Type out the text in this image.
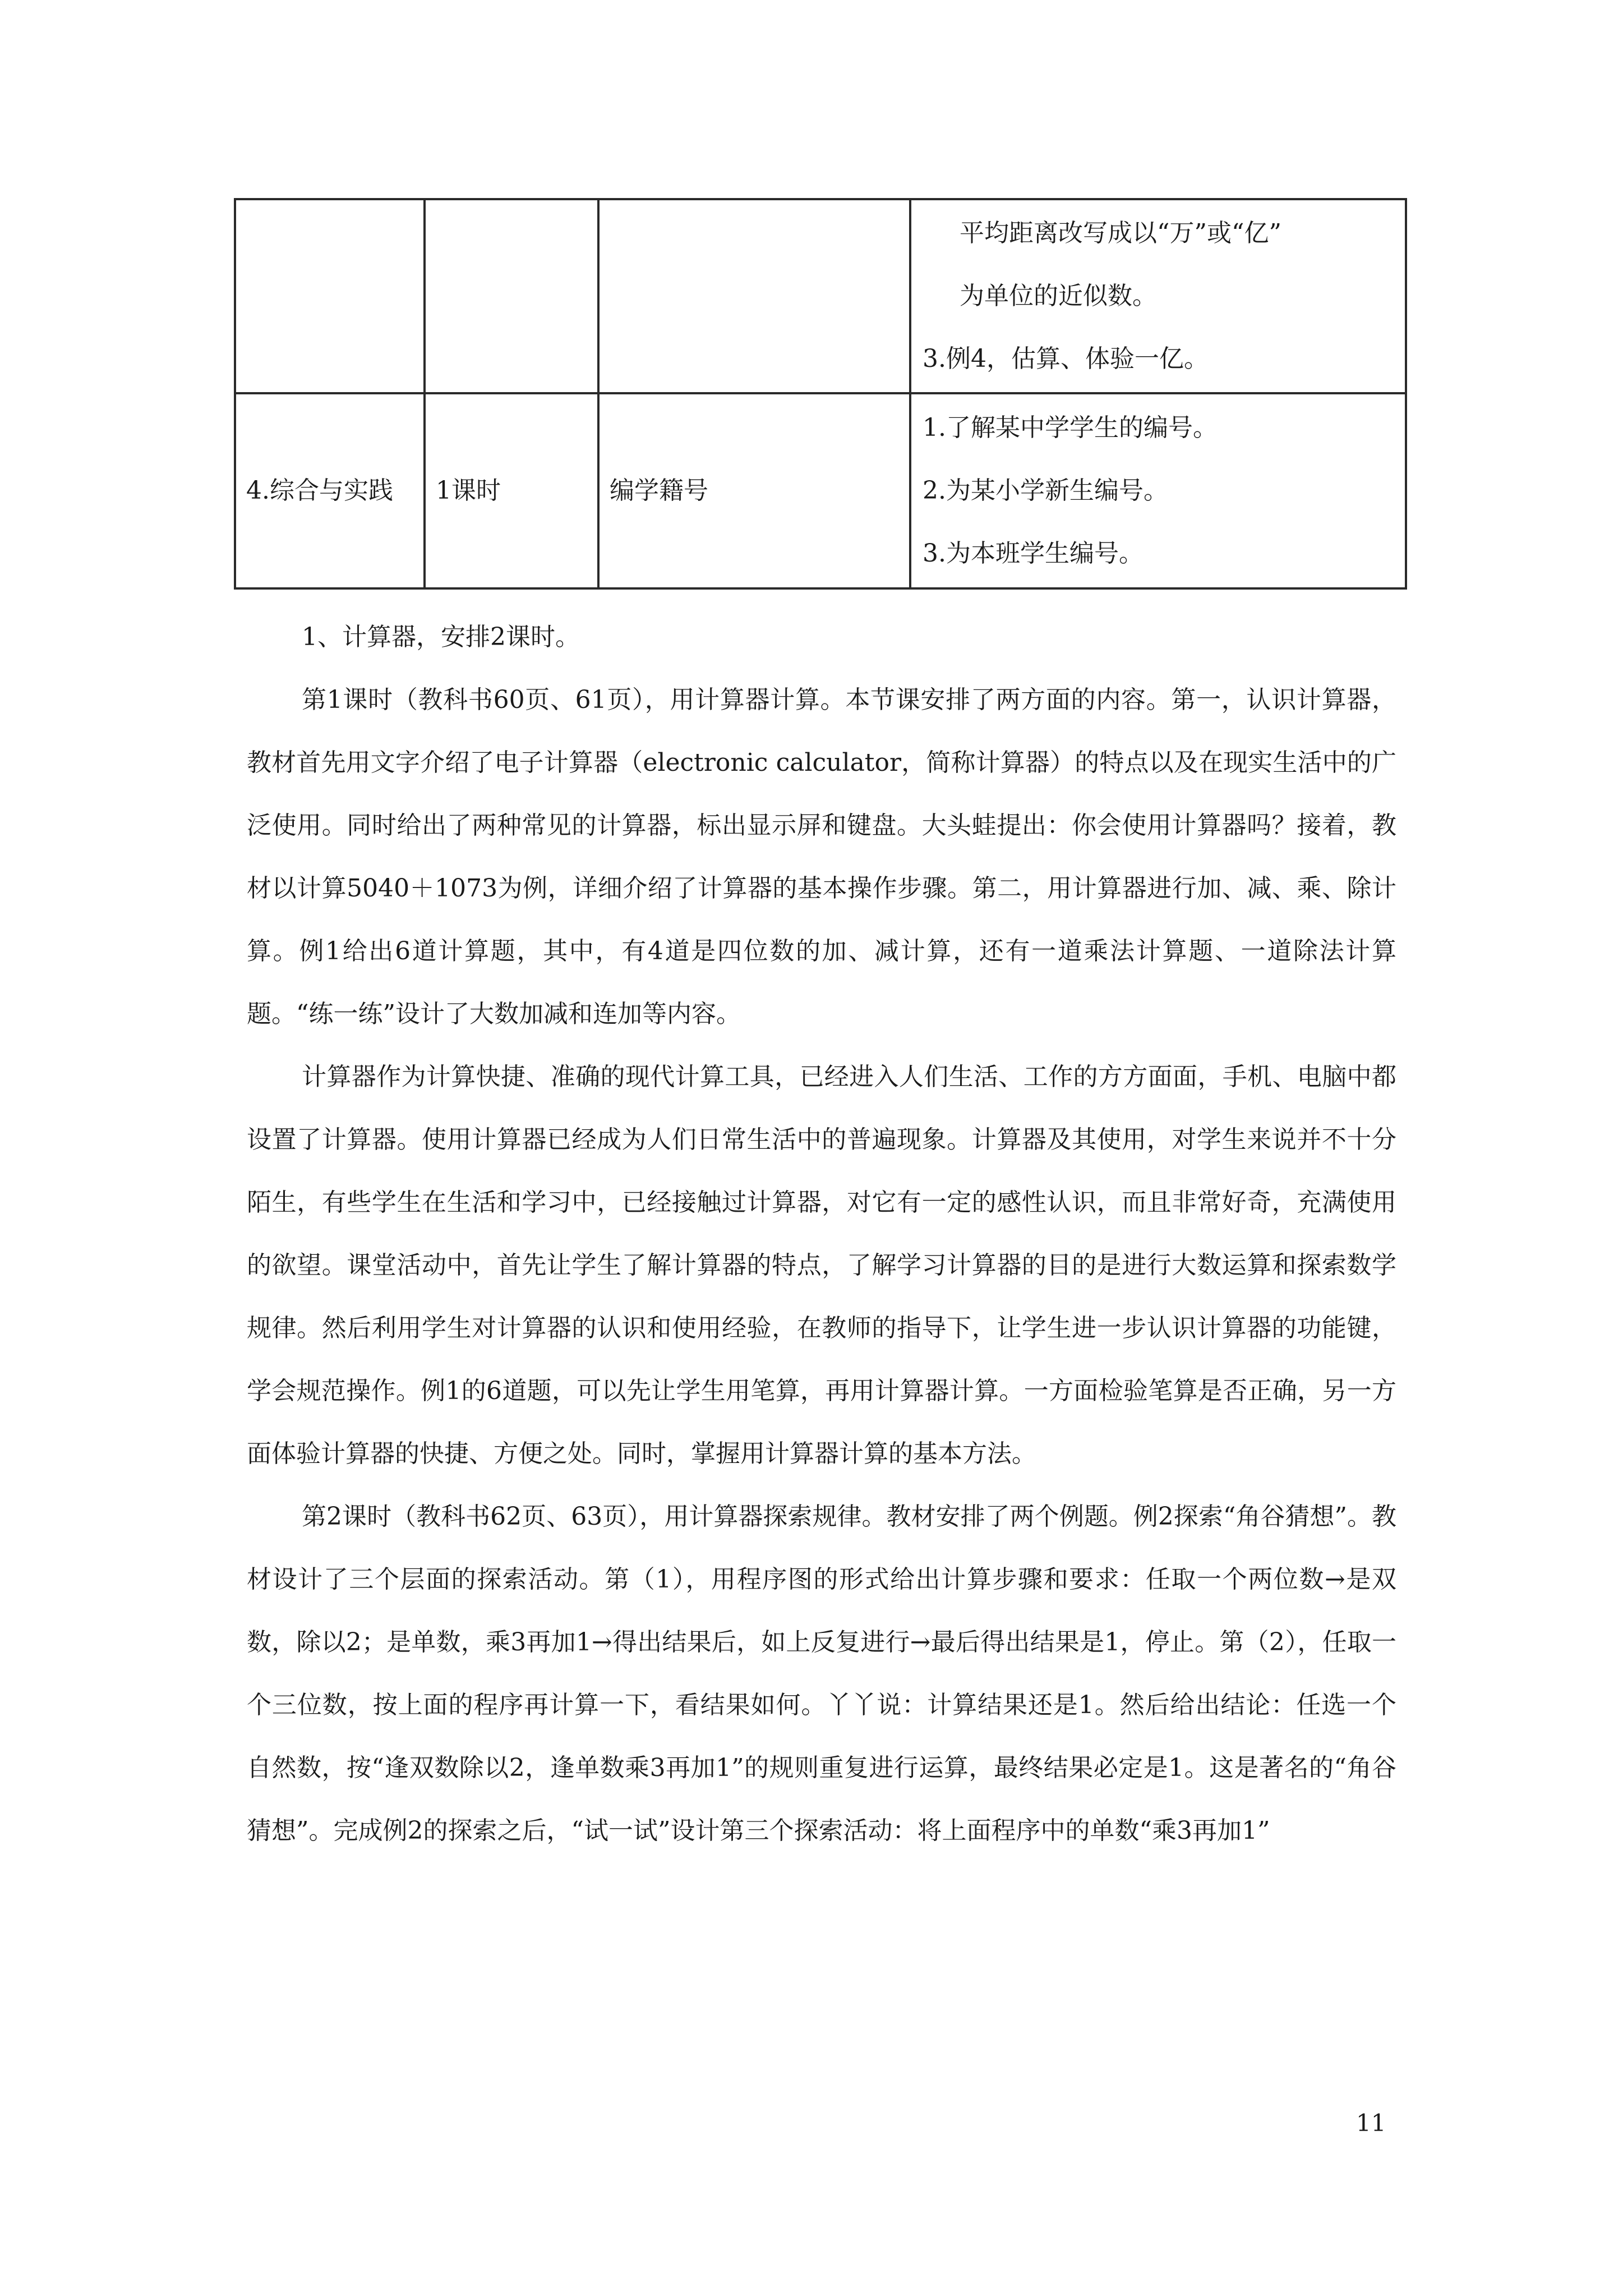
			平均距离改写成以“万”或“亿”
为单位的近似数。
3.例4，估算、体验一亿。

4.综合与实践	1课时	编学籍号	1.了解某中学学生的编号。
2.为某小学新生编号。
3.为本班学生编号。

1、计算器，安排2课时。

第1课时（教科书60页、61页），用计算器计算。本节课安排了两方面的内容。第一，认识计算器，教材首先用文字介绍了电子计算器（electronic calculator，简称计算器）的特点以及在现实生活中的广泛使用。同时给出了两种常见的计算器，标出显示屏和键盘。大头蛙提出：你会使用计算器吗？接着，教材以计算5040＋1073为例，详细介绍了计算器的基本操作步骤。第二，用计算器进行加、减、乘、除计算。例1给出6道计算题，其中，有4道是四位数的加、减计算，还有一道乘法计算题、一道除法计算题。“练一练”设计了大数加减和连加等内容。

计算器作为计算快捷、准确的现代计算工具，已经进入人们生活、工作的方方面面，手机、电脑中都设置了计算器。使用计算器已经成为人们日常生活中的普遍现象。计算器及其使用，对学生来说并不十分陌生，有些学生在生活和学习中，已经接触过计算器，对它有一定的感性认识，而且非常好奇，充满使用的欲望。课堂活动中，首先让学生了解计算器的特点，了解学习计算器的目的是进行大数运算和探索数学规律。然后利用学生对计算器的认识和使用经验，在教师的指导下，让学生进一步认识计算器的功能键，学会规范操作。例1的6道题，可以先让学生用笔算，再用计算器计算。一方面检验笔算是否正确，另一方面体验计算器的快捷、方便之处。同时，掌握用计算器计算的基本方法。

第2课时（教科书62页、63页），用计算器探索规律。教材安排了两个例题。例2探索“角谷猜想”。教材设计了三个层面的探索活动。第（1），用程序图的形式给出计算步骤和要求：任取一个两位数→是双数，除以2；是单数，乘3再加1→得出结果后，如上反复进行→最后得出结果是1，停止。第（2），任取一个三位数，按上面的程序再计算一下，看结果如何。丫丫说：计算结果还是1。然后给出结论：任选一个自然数，按“逢双数除以2，逢单数乘3再加1”的规则重复进行运算，最终结果必定是1。这是著名的“角谷猜想”。完成例2的探索之后，“试一试”设计第三个探索活动：将上面程序中的单数“乘3再加1”

11
